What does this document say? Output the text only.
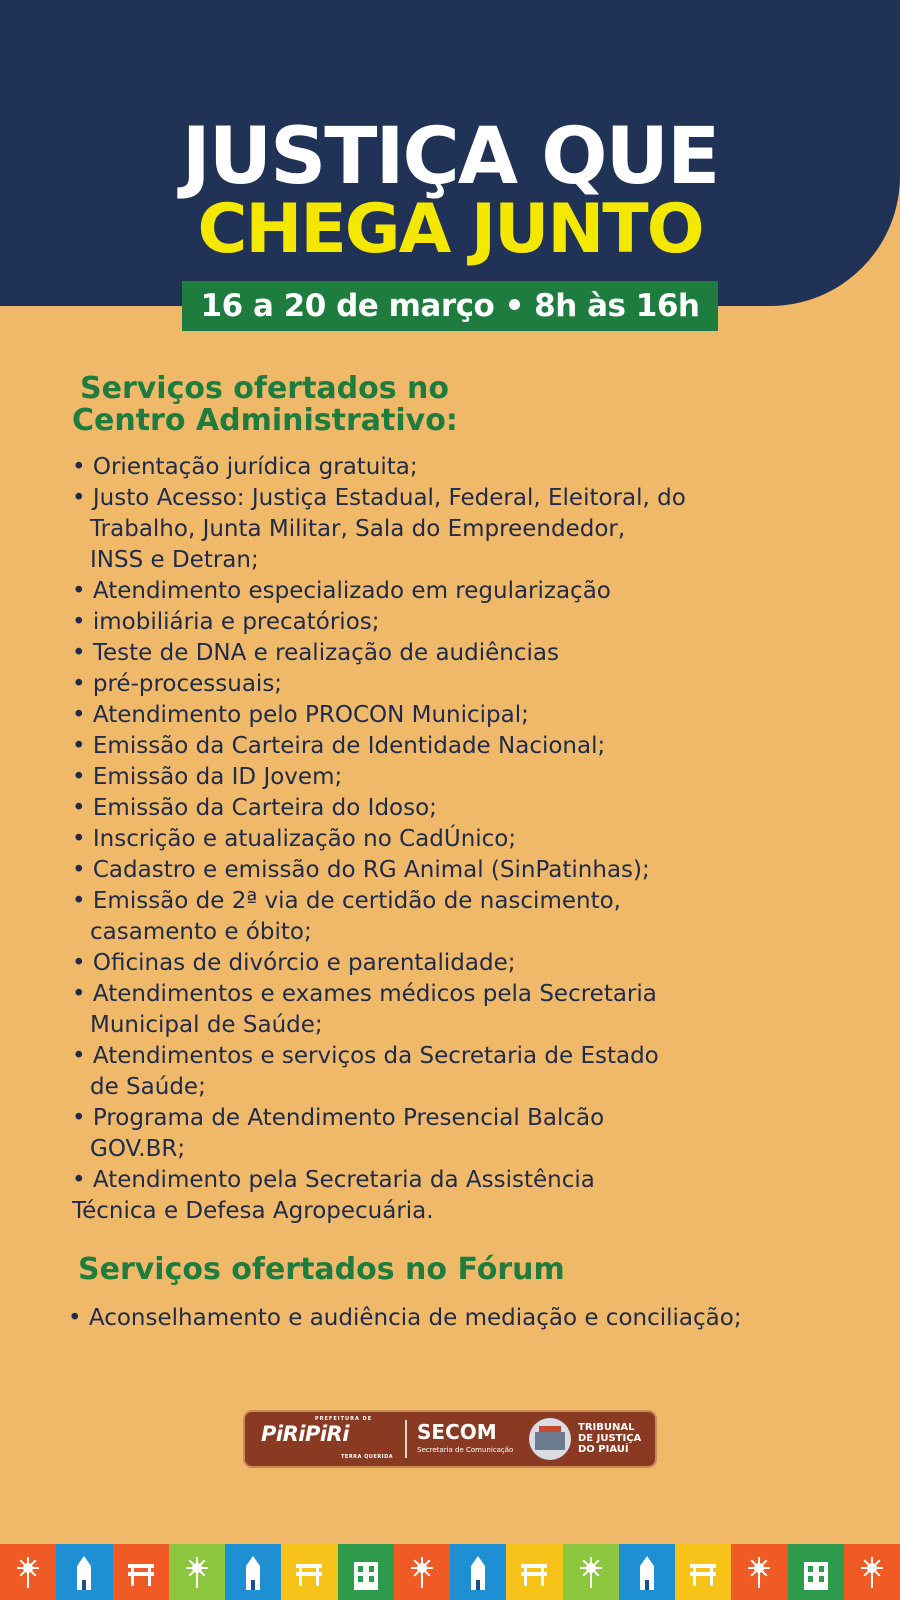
JUSTIÇA QUE
CHEGA JUNTO
16 a 20 de março • 8h às 16h
Serviços ofertados no
Centro Administrativo:
• Orientação jurídica gratuita;
• Justo Acesso: Justiça Estadual, Federal, Eleitoral, do Trabalho, Junta Militar, Sala do Empreendedor,
INSS e Detran;
• Atendimento especializado em regularização
• imobiliária e precatórios;
• Teste de DNA e realização de audiências
• pré-processuais;
• Atendimento pelo PROCON Municipal;
• Emissão da Carteira de Identidade Nacional;
• Emissão da ID Jovem;
• Emissão da Carteira do Idoso;
• Inscrição e atualização no CadÚnico;
• Cadastro e emissão do RG Animal (SinPatinhas);
• Emissão de 2ª via de certidão de nascimento,
casamento e óbito;
• Oficinas de divórcio e parentalidade;
• Atendimentos e exames médicos pela Secretaria
Municipal de Saúde;
• Atendimentos e serviços da Secretaria de Estado
de Saúde;
• Programa de Atendimento Presencial Balcão
GOV.BR;
• Atendimento pela Secretaria da Assistência
Técnica e Defesa Agropecuária.
Serviços ofertados no Fórum
• Aconselhamento e audiência de mediação e conciliação;
PREFEITURA DE
PiRiPiRi
TERRA QUERIDA
SECOM
Secretaria de Comunicação
TRIBUNAL
DE JUSTIÇA
DO PIAUÍ
